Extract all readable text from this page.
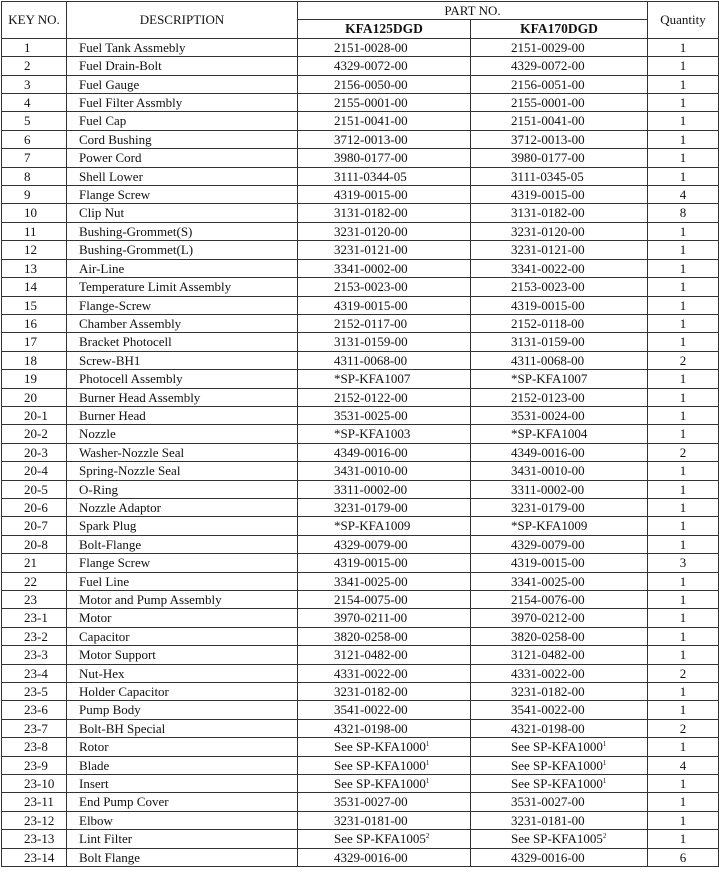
KEY NO.	DESCRIPTION	PART NO.		Quantity
		KFA125DGD	KFA170DGD	
1	Fuel Tank Assmebly	2151-0028-00	2151-0029-00	1
2	Fuel Drain-Bolt	4329-0072-00	4329-0072-00	1
3	Fuel Gauge	2156-0050-00	2156-0051-00	1
4	Fuel Filter Assmbly	2155-0001-00	2155-0001-00	1
5	Fuel Cap	2151-0041-00	2151-0041-00	1
6	Cord Bushing	3712-0013-00	3712-0013-00	1
7	Power Cord	3980-0177-00	3980-0177-00	1
8	Shell Lower	3111-0344-05	3111-0345-05	1
9	Flange Screw	4319-0015-00	4319-0015-00	4
10	Clip Nut	3131-0182-00	3131-0182-00	8
11	Bushing-Grommet(S)	3231-0120-00	3231-0120-00	1
12	Bushing-Grommet(L)	3231-0121-00	3231-0121-00	1
13	Air-Line	3341-0002-00	3341-0022-00	1
14	Temperature Limit Assembly	2153-0023-00	2153-0023-00	1
15	Flange-Screw	4319-0015-00	4319-0015-00	1
16	Chamber Assembly	2152-0117-00	2152-0118-00	1
17	Bracket Photocell	3131-0159-00	3131-0159-00	1
18	Screw-BH1	4311-0068-00	4311-0068-00	2
19	Photocell Assembly	*SP-KFA1007	*SP-KFA1007	1
20	Burner Head Assembly	2152-0122-00	2152-0123-00	1
20-1	Burner Head	3531-0025-00	3531-0024-00	1
20-2	Nozzle	*SP-KFA1003	*SP-KFA1004	1
20-3	Washer-Nozzle Seal	4349-0016-00	4349-0016-00	2
20-4	Spring-Nozzle Seal	3431-0010-00	3431-0010-00	1
20-5	O-Ring	3311-0002-00	3311-0002-00	1
20-6	Nozzle Adaptor	3231-0179-00	3231-0179-00	1
20-7	Spark Plug	*SP-KFA1009	*SP-KFA1009	1
20-8	Bolt-Flange	4329-0079-00	4329-0079-00	1
21	Flange Screw	4319-0015-00	4319-0015-00	3
22	Fuel Line	3341-0025-00	3341-0025-00	1
23	Motor and Pump Assembly	2154-0075-00	2154-0076-00	1
23-1	Motor	3970-0211-00	3970-0212-00	1
23-2	Capacitor	3820-0258-00	3820-0258-00	1
23-3	Motor Support	3121-0482-00	3121-0482-00	1
23-4	Nut-Hex	4331-0022-00	4331-0022-00	2
23-5	Holder Capacitor	3231-0182-00	3231-0182-00	1
23-6	Pump Body	3541-0022-00	3541-0022-00	1
23-7	Bolt-BH Special	4321-0198-00	4321-0198-00	2
23-8	Rotor	See SP-KFA1000$^1$	See SP-KFA1000$^1$	1
23-9	Blade	See SP-KFA1000$^1$	See SP-KFA1000$^1$	4
23-10	Insert	See SP-KFA1000$^1$	See SP-KFA1000$^1$	1
23-11	End Pump Cover	3531-0027-00	3531-0027-00	1
23-12	Elbow	3231-0181-00	3231-0181-00	1
23-13	Lint Filter	See SP-KFA1005$^2$	See SP-KFA1005$^2$	1
23-14	Bolt Flange	4329-0016-00	4329-0016-00	6
